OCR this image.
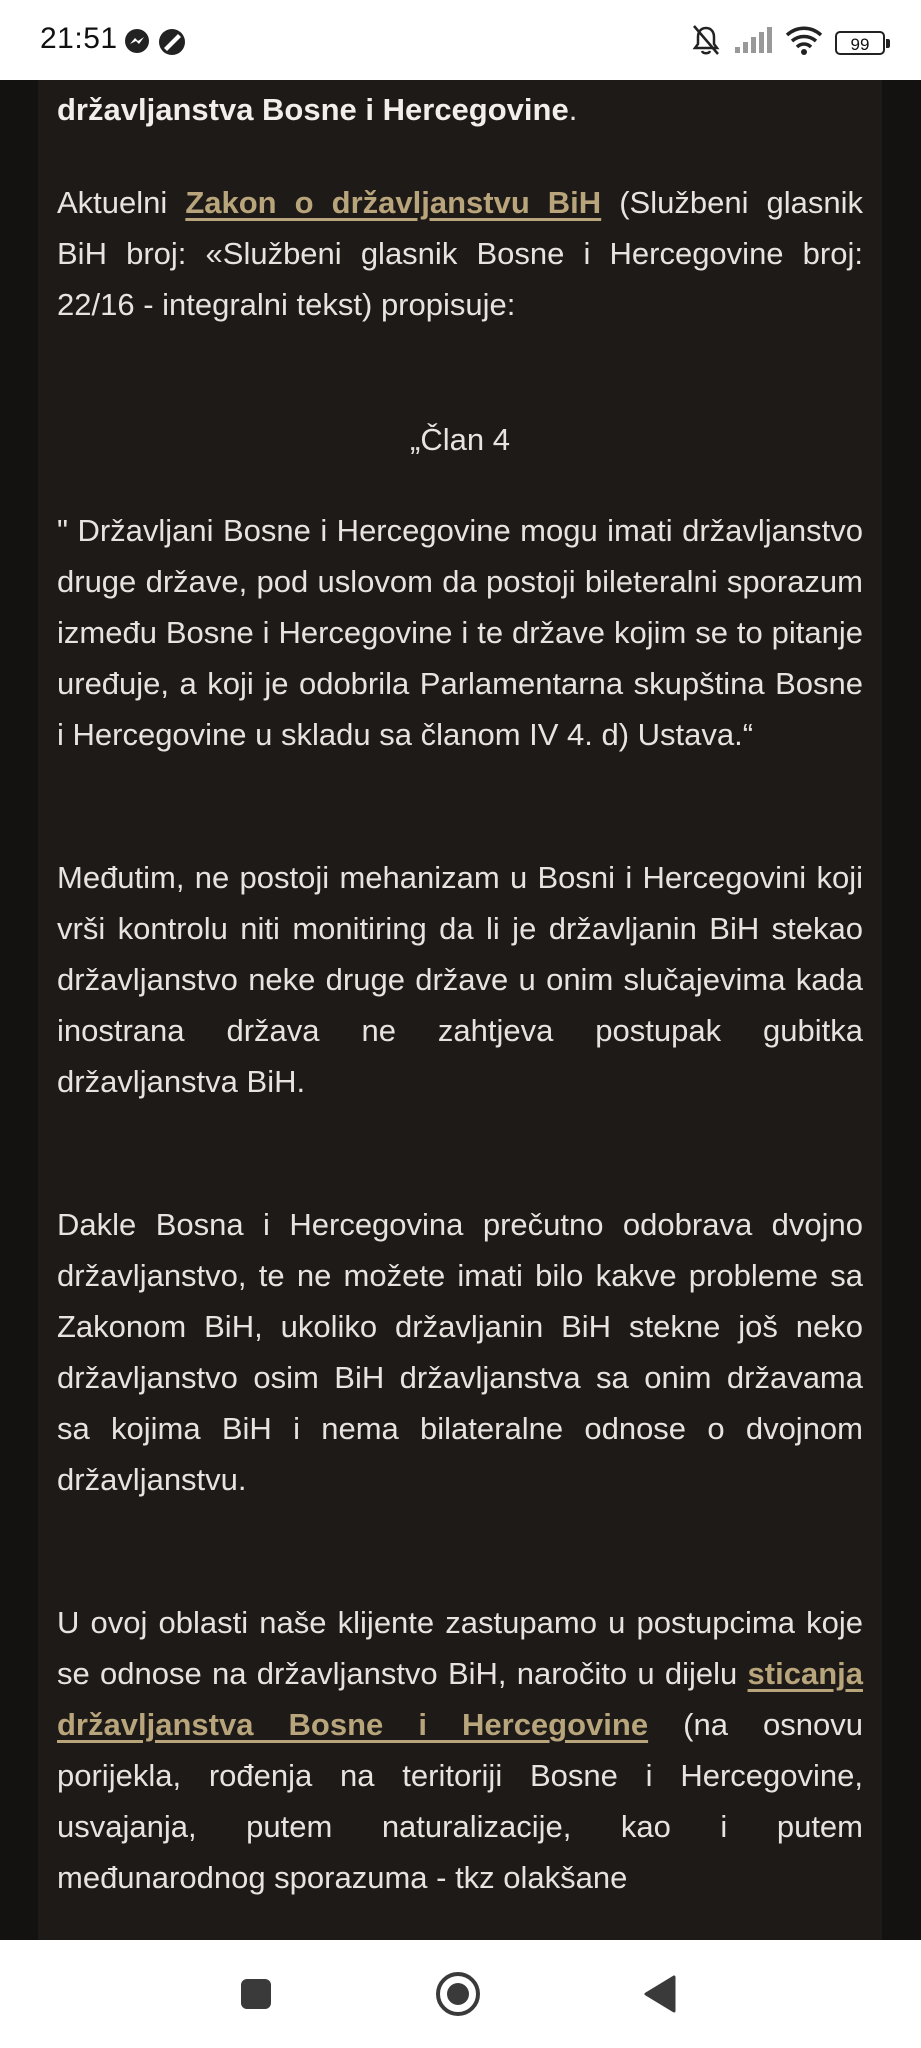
21:51	99

državljanstva Bosne i Hercegovine.

Aktuelni Zakon o državljanstvu BiH (Službeni glasnik BiH broj: «Službeni glasnik Bosne i Hercegovine broj: 22/16 - integralni tekst) propisuje:

„Član 4

" Državljani Bosne i Hercegovine mogu imati državljanstvo druge države, pod uslovom da postoji bileteralni sporazum između Bosne i Hercegovine i te države kojim se to pitanje uređuje, a koji je odobrila Parlamentarna skupština Bosne i Hercegovine u skladu sa članom IV 4. d) Ustava.“

Međutim, ne postoji mehanizam u Bosni i Hercegovini koji vrši kontrolu niti monitiring da li je državljanin BiH stekao državljanstvo neke druge države u onim slučajevima kada inostrana država ne zahtjeva postupak gubitka državljanstva BiH.

Dakle Bosna i Hercegovina prečutno odobrava dvojno državljanstvo, te ne možete imati bilo kakve probleme sa Zakonom BiH, ukoliko državljanin BiH stekne još neko državljanstvo osim BiH državljanstva sa onim državama sa kojima BiH i nema bilateralne odnose o dvojnom državljanstvu.

U ovoj oblasti naše klijente zastupamo u postupcima koje se odnose na državljanstvo BiH, naročito u dijelu sticanja državljanstva Bosne i Hercegovine (na osnovu porijekla, rođenja na teritoriji Bosne i Hercegovine, usvajanja, putem naturalizacije, kao i putem međunarodnog sporazuma - tkz olakšane
